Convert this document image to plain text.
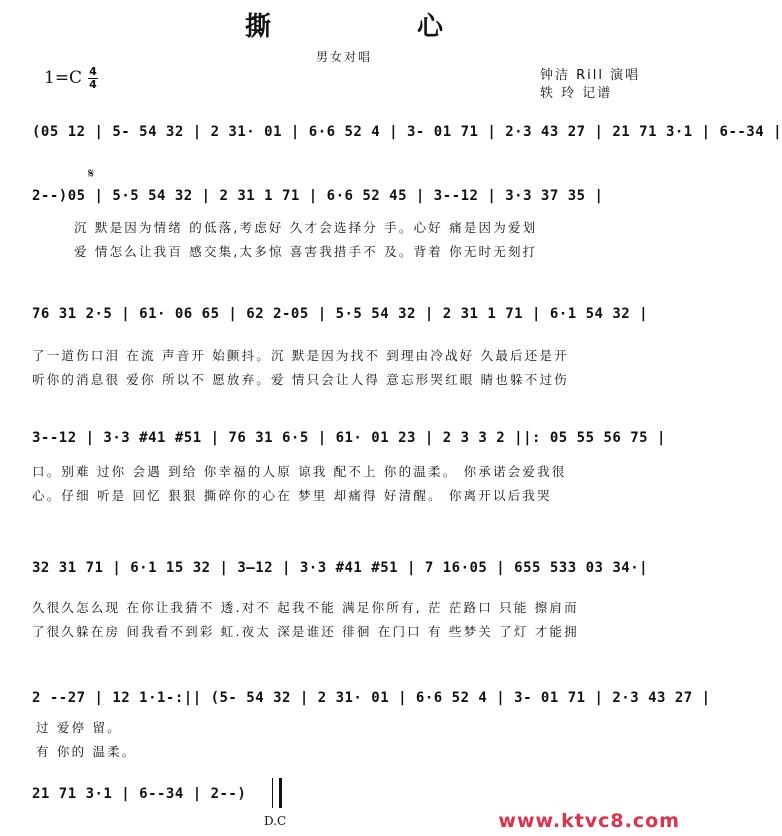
撕　心
男女对唱
1=C 4
4
钟洁 Rill 演唱
轶 玲 记谱
(05 12 | 5- 54 32 | 2 31· 01 | 6·6 52 4 | 3- 01 71 | 2·3 43 27 | 21 71 3·1 | 6--34 |
𝄋
2--)05 | 5·5 54 32 | 2 31 1 71 | 6·6 52 45 | 3--12 | 3·3 37 35 |
沉 默是因为情绪 的低落,考虑好 久才会选择分 手。心好 痛是因为爱划
爱 情怎么让我百 感交集,太多惊 喜害我措手不 及。背着 你无时无刻打
76 31 2·5 | 61· 06 65 | 62 2-05 | 5·5 54 32 | 2 31 1 71 | 6·1 54 32 |
了一道伤口泪 在流 声音开 始颤抖。沉 默是因为找不 到理由冷战好 久最后还是开
听你的消息很 爱你 所以不 愿放弃。爱 情只会让人得 意忘形哭红眼 睛也躲不过伤
3--12 | 3·3 #41 #51 | 76 31 6·5 | 61· 01 23 | 2 3 3 2 ||: 05 55 56 75 |
口。别难 过你 会遇 到给 你幸福的人原 谅我 配不上 你的温柔。 你承诺会爱我很
心。仔细 听是 回忆 狠狠 撕碎你的心在 梦里 却痛得 好清醒。 你离开以后我哭
32 31 71 | 6·1 15 32 | 3—12 | 3·3 #41 #51 | 7 16·05 | 655 533 03 34·|
久很久怎么现 在你让我猜不 透.对不 起我不能 满足你所有, 茫 茫路口 只能 擦肩而
了很久躲在房 间我看不到彩 虹.夜太 深是谁还 徘徊 在门口 有 些梦关 了灯 才能拥
2 --27 | 12 1·1-:|| (5- 54 32 | 2 31· 01 | 6·6 52 4 | 3- 01 71 | 2·3 43 27 |
过 爱停 留。
有 你的 温柔。
21 71 3·1 | 6--34 | 2--)
D.C	www.ktvc8.com
